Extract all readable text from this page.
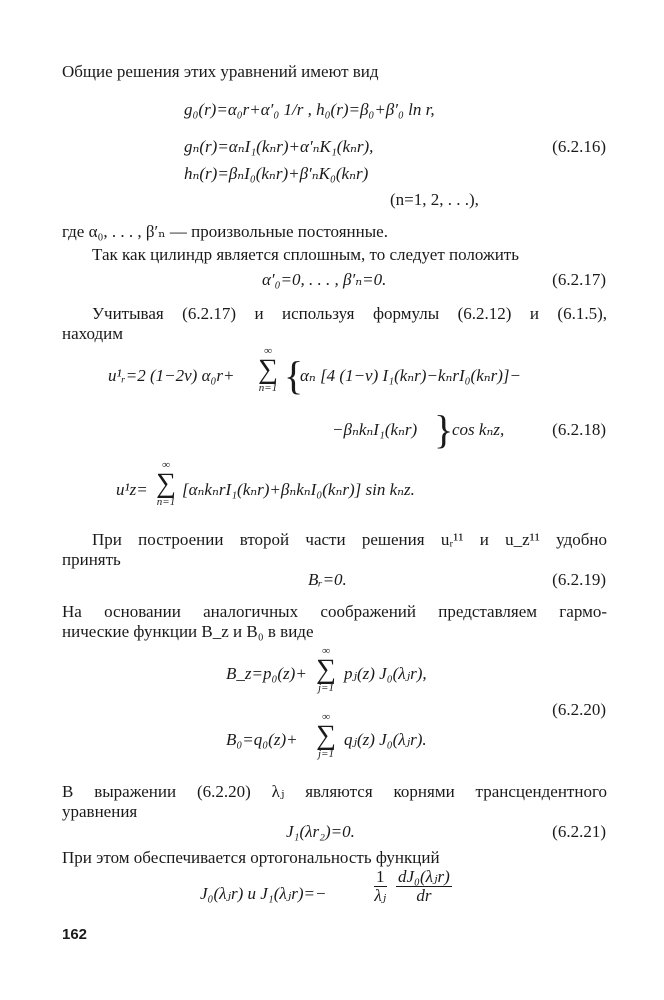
Общие решения этих уравнений имеют вид
g₀(r)=α₀r+α′₀ 1/r , h₀(r)=β₀+β′₀ ln r,
gₙ(r)=αₙI₁(kₙr)+α′ₙK₁(kₙr),	(6.2.16)
hₙ(r)=βₙI₀(kₙr)+β′ₙK₀(kₙr)
(n=1, 2, . . .),
где α₀, . . . , β′ₙ — произвольные постоянные.
Так как цилиндр является сплошным, то следует положить
α′₀=0, . . . , β′ₙ=0.	(6.2.17)
Учитывая (6.2.17) и используя формулы (6.2.12) и (6.1.5),
находим
u¹ᵣ=2 (1−2ν) α₀r+
∞
∑
n=1 {
αₙ [4 (1−ν) I₁(kₙr)−kₙrI₀(kₙr)]−
−βₙkₙI₁(kₙr) }
cos kₙz,	(6.2.18)
u¹z=
∞
∑
n=1
[αₙkₙrI₁(kₙr)+βₙkₙI₀(kₙr)] sin kₙz.
При построении второй части решения uᵣ¹¹ и u_z¹¹ удобно
принять
Bᵣ=0.	(6.2.19)
На основании аналогичных соображений представляем гармо-
нические функции B_z и B₀ в виде
B_z=p₀(z)+
∞
∑
j=1
pⱼ(z) J₀(λⱼr),
(6.2.20)
B₀=q₀(z)+
∞
∑
j=1
qⱼ(z) J₀(λⱼr).
В выражении (6.2.20) λⱼ являются корнями трансцендентного
уравнения
J₁(λr₂)=0.	(6.2.21)
При этом обеспечивается ортогональность функций
J₀(λⱼr) и J₁(λⱼr)=−	$\frac{1}{\text{λⱼ}} \frac{\text{dJ₀(λⱼr)}}{dr}$
162
